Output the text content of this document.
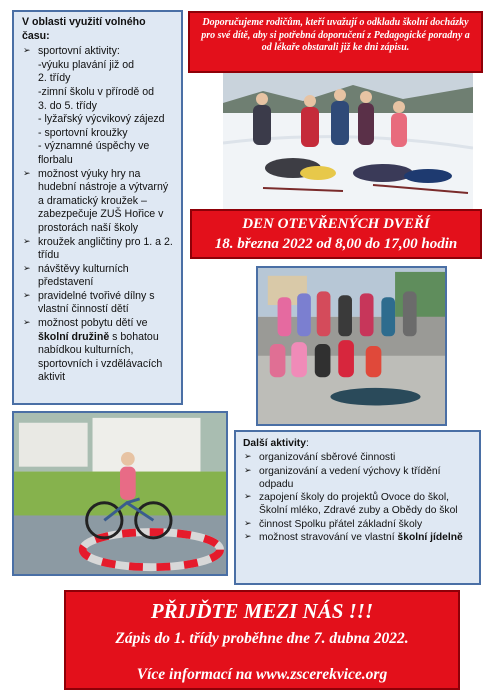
V oblasti využití volného času:
➢ sportovní aktivity:
-výuku plavání již od
2. třídy
-zimní školu v přírodě od
3. do 5. třídy
- lyžařský výcvikový zájezd
- sportovní kroužky
- významné úspěchy ve
florbalu
➢ možnost výuky hry na hudební nástroje a výtvarný a dramatický kroužek – zabezpečuje ZUŠ Hořice v prostorách naší školy
➢ kroužek angličtiny pro 1. a 2. třídu
➢ návštěvy kulturních představení
➢ pravidelné tvořivé dílny s vlastní činností dětí
➢ možnost pobytu dětí ve školní družině s bohatou nabídkou kulturních, sportovních i vzdělávacích aktivit
Doporučujeme rodičům, kteří uvažují o odkladu školní docházky pro své dítě, aby si potřebná doporučení z Pedagogické poradny a od lékaře obstarali již ke dni zápisu.
DEN OTEVŘENÝCH DVEŘÍ
18. března 2022 od 8,00 do 17,00 hodin
Další aktivity:
➢ organizování sběrové činnosti
➢ organizování a vedení výchovy k třídění odpadu
➢ zapojení školy do projektů Ovoce do škol, Školní mléko, Zdravé zuby a Obědy do škol
➢ činnost Spolku přátel základní školy
➢ možnost stravování ve vlastní školní jídelně
PŘIJĎTE MEZI NÁS !!!
Zápis do 1. třídy proběhne dne 7. dubna 2022.
Více informací na www.zscerekvice.org
